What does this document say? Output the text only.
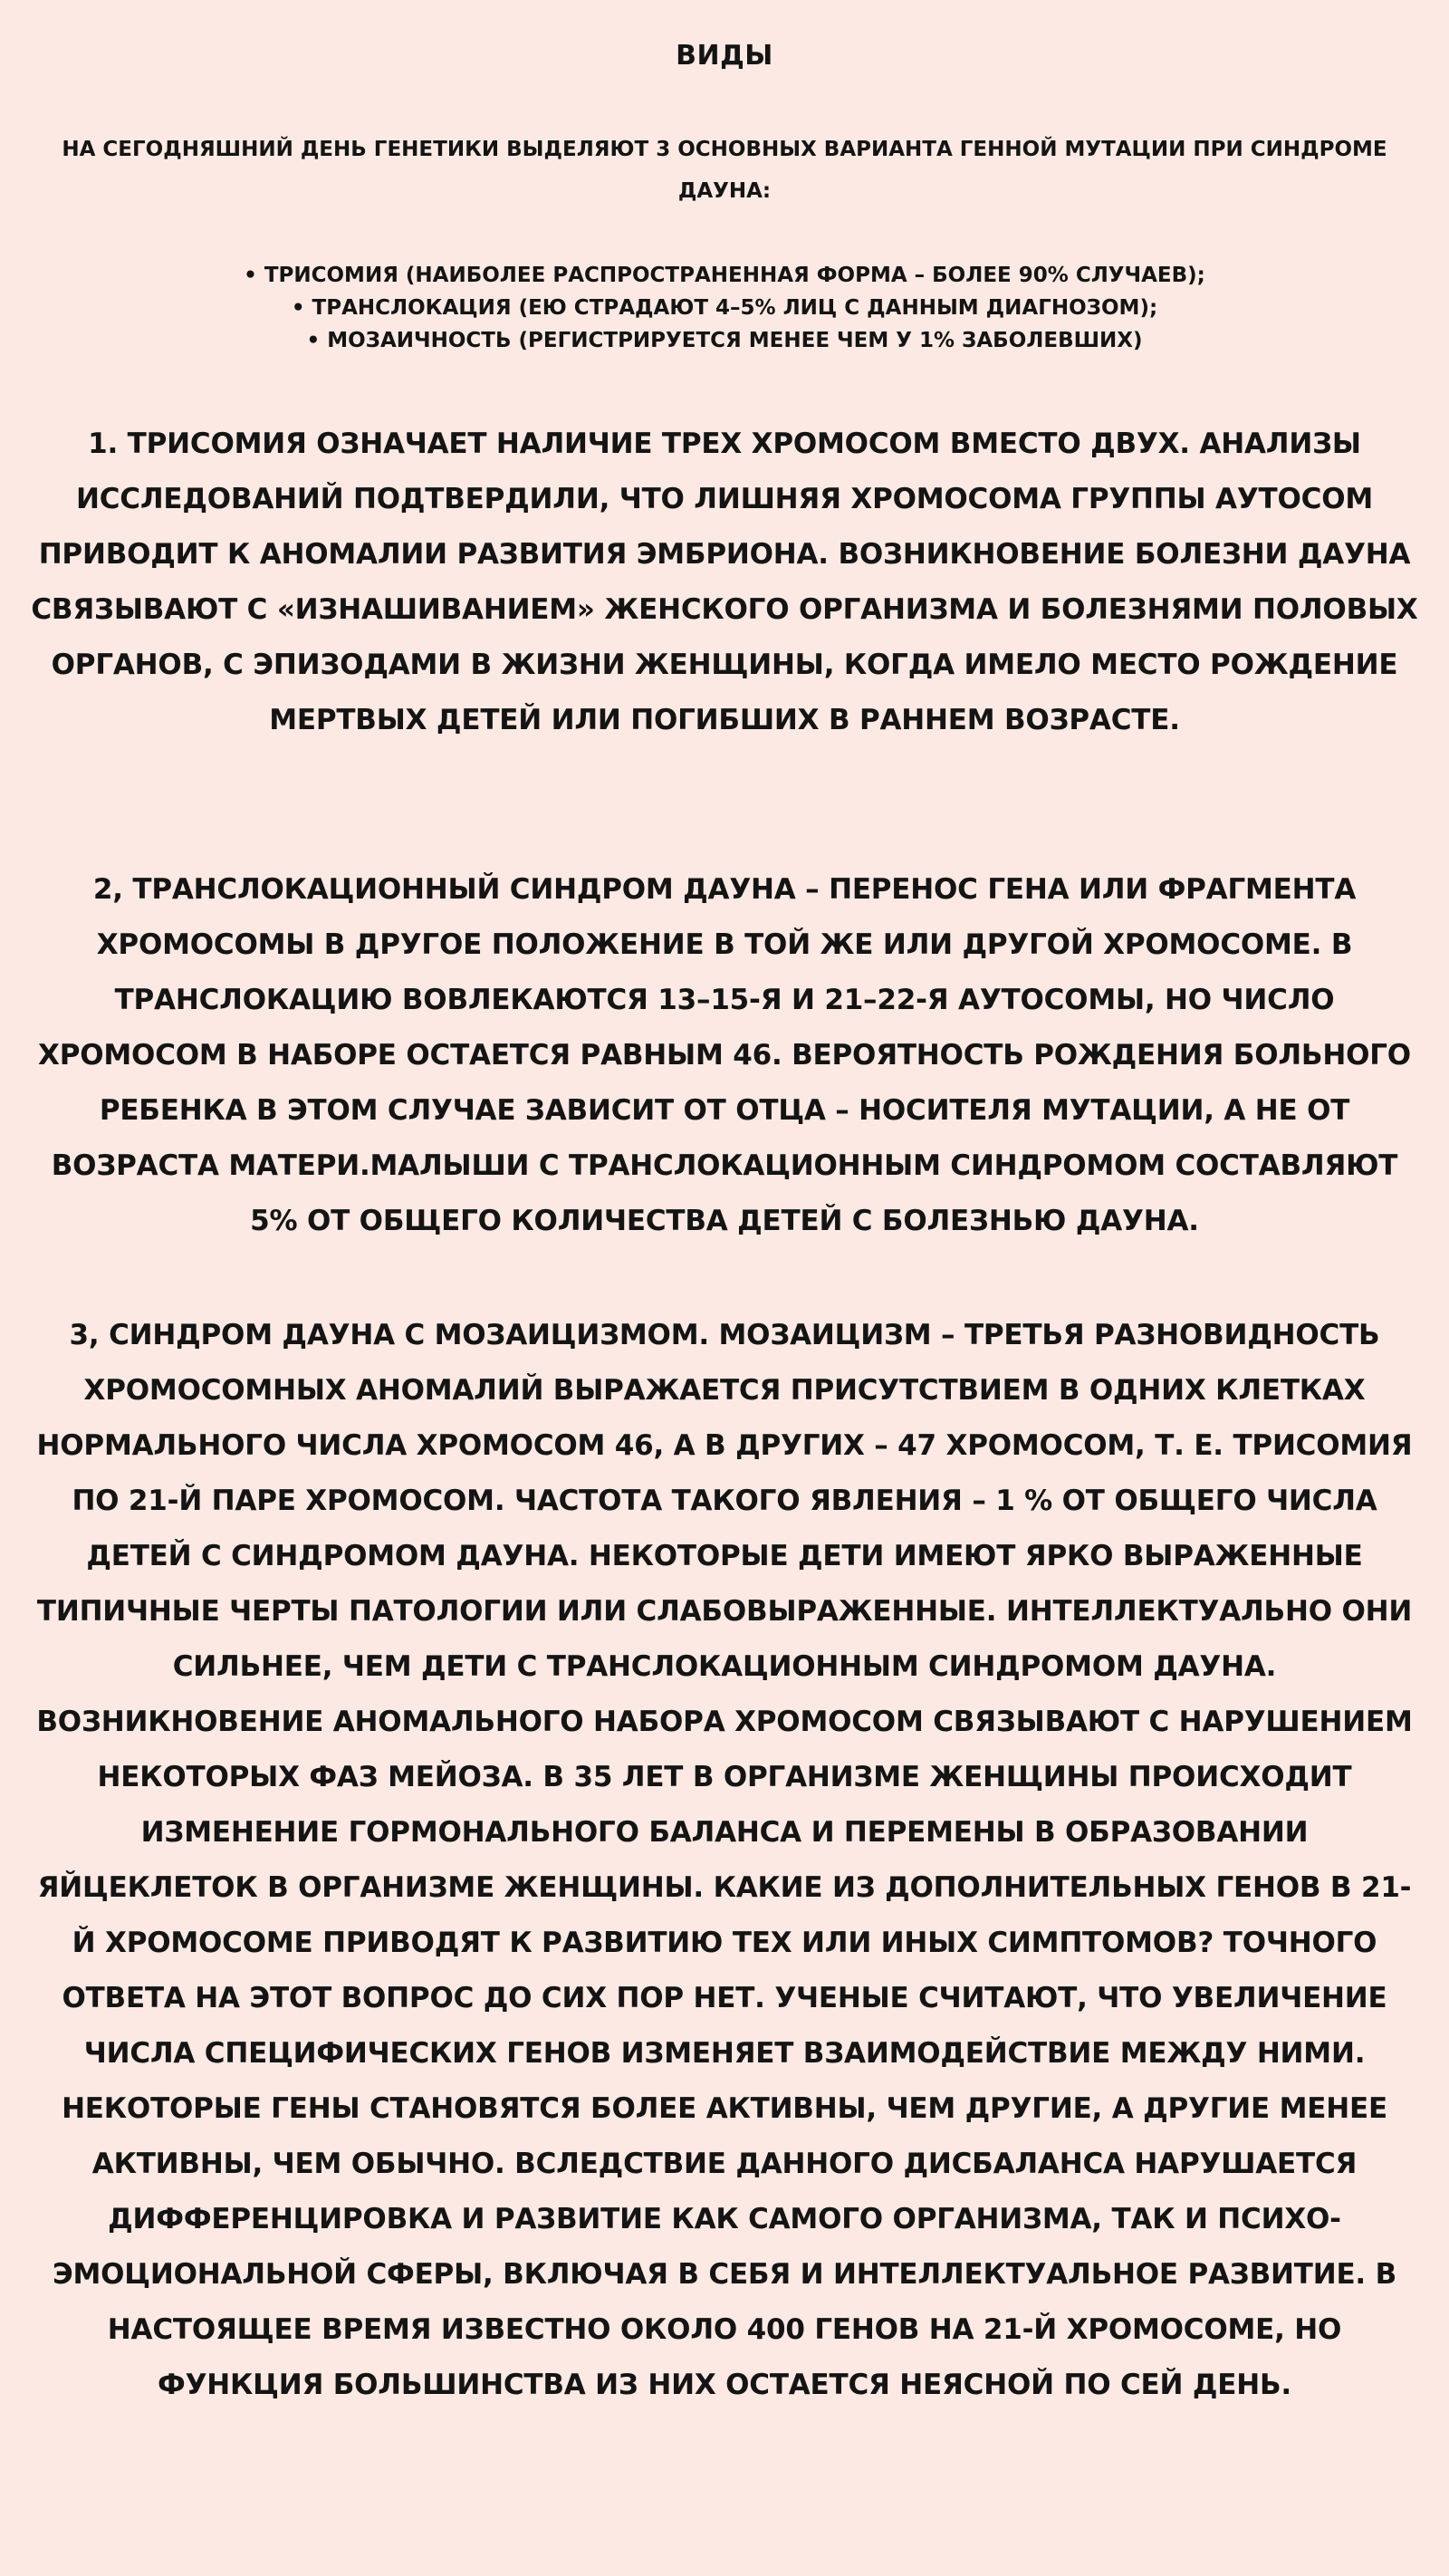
ВИДЫ
НА СЕГОДНЯШНИЙ ДЕНЬ ГЕНЕТИКИ ВЫДЕЛЯЮТ 3 ОСНОВНЫХ ВАРИАНТА ГЕННОЙ МУТАЦИИ ПРИ СИНДРОМЕ ДАУНА:
• ТРИСОМИЯ (НАИБОЛЕЕ РАСПРОСТРАНЕННАЯ ФОРМА – БОЛЕЕ 90% СЛУЧАЕВ);
• ТРАНСЛОКАЦИЯ (ЕЮ СТРАДАЮТ 4–5% ЛИЦ С ДАННЫМ ДИАГНОЗОМ);
• МОЗАИЧНОСТЬ (РЕГИСТРИРУЕТСЯ МЕНЕЕ ЧЕМ У 1% ЗАБОЛЕВШИХ)
1. ТРИСОМИЯ ОЗНАЧАЕТ НАЛИЧИЕ ТРЕХ ХРОМОСОМ ВМЕСТО ДВУХ. АНАЛИЗЫ ИССЛЕДОВАНИЙ ПОДТВЕРДИЛИ, ЧТО ЛИШНЯЯ ХРОМОСОМА ГРУППЫ АУТОСОМ ПРИВОДИТ К АНОМАЛИИ РАЗВИТИЯ ЭМБРИОНА. ВОЗНИКНОВЕНИЕ БОЛЕЗНИ ДАУНА СВЯЗЫВАЮТ С «ИЗНАШИВАНИЕМ» ЖЕНСКОГО ОРГАНИЗМА И БОЛЕЗНЯМИ ПОЛОВЫХ ОРГАНОВ, С ЭПИЗОДАМИ В ЖИЗНИ ЖЕНЩИНЫ, КОГДА ИМЕЛО МЕСТО РОЖДЕНИЕ МЕРТВЫХ ДЕТЕЙ ИЛИ ПОГИБШИХ В РАННЕМ ВОЗРАСТЕ.
2, ТРАНСЛОКАЦИОННЫЙ СИНДРОМ ДАУНА – ПЕРЕНОС ГЕНА ИЛИ ФРАГМЕНТА ХРОМОСОМЫ В ДРУГОЕ ПОЛОЖЕНИЕ В ТОЙ ЖЕ ИЛИ ДРУГОЙ ХРОМОСОМЕ. В ТРАНСЛОКАЦИЮ ВОВЛЕКАЮТСЯ 13–15-Я И 21–22-Я АУТОСОМЫ, НО ЧИСЛО ХРОМОСОМ В НАБОРЕ ОСТАЕТСЯ РАВНЫМ 46. ВЕРОЯТНОСТЬ РОЖДЕНИЯ БОЛЬНОГО РЕБЕНКА В ЭТОМ СЛУЧАЕ ЗАВИСИТ ОТ ОТЦА – НОСИТЕЛЯ МУТАЦИИ, А НЕ ОТ ВОЗРАСТА МАТЕРИ.МАЛЫШИ С ТРАНСЛОКАЦИОННЫМ СИНДРОМОМ СОСТАВЛЯЮТ 5% ОТ ОБЩЕГО КОЛИЧЕСТВА ДЕТЕЙ С БОЛЕЗНЬЮ ДАУНА.
3, СИНДРОМ ДАУНА С МОЗАИЦИЗМОМ. МОЗАИЦИЗМ – ТРЕТЬЯ РАЗНОВИДНОСТЬ ХРОМОСОМНЫХ АНОМАЛИЙ ВЫРАЖАЕТСЯ ПРИСУТСТВИЕМ В ОДНИХ КЛЕТКАХ НОРМАЛЬНОГО ЧИСЛА ХРОМОСОМ 46, А В ДРУГИХ – 47 ХРОМОСОМ, Т. Е. ТРИСОМИЯ ПО 21-Й ПАРЕ ХРОМОСОМ. ЧАСТОТА ТАКОГО ЯВЛЕНИЯ – 1 % ОТ ОБЩЕГО ЧИСЛА ДЕТЕЙ С СИНДРОМОМ ДАУНА. НЕКОТОРЫЕ ДЕТИ ИМЕЮТ ЯРКО ВЫРАЖЕННЫЕ ТИПИЧНЫЕ ЧЕРТЫ ПАТОЛОГИИ ИЛИ СЛАБОВЫРАЖЕННЫЕ. ИНТЕЛЛЕКТУАЛЬНО ОНИ СИЛЬНЕЕ, ЧЕМ ДЕТИ С ТРАНСЛОКАЦИОННЫМ СИНДРОМОМ ДАУНА. ВОЗНИКНОВЕНИЕ АНОМАЛЬНОГО НАБОРА ХРОМОСОМ СВЯЗЫВАЮТ С НАРУШЕНИЕМ НЕКОТОРЫХ ФАЗ МЕЙОЗА. В 35 ЛЕТ В ОРГАНИЗМЕ ЖЕНЩИНЫ ПРОИСХОДИТ ИЗМЕНЕНИЕ ГОРМОНАЛЬНОГО БАЛАНСА И ПЕРЕМЕНЫ В ОБРАЗОВАНИИ ЯЙЦЕКЛЕТОК В ОРГАНИЗМЕ ЖЕНЩИНЫ. КАКИЕ ИЗ ДОПОЛНИТЕЛЬНЫХ ГЕНОВ В 21-Й ХРОМОСОМЕ ПРИВОДЯТ К РАЗВИТИЮ ТЕХ ИЛИ ИНЫХ СИМПТОМОВ? ТОЧНОГО ОТВЕТА НА ЭТОТ ВОПРОС ДО СИХ ПОР НЕТ. УЧЕНЫЕ СЧИТАЮТ, ЧТО УВЕЛИЧЕНИЕ ЧИСЛА СПЕЦИФИЧЕСКИХ ГЕНОВ ИЗМЕНЯЕТ ВЗАИМОДЕЙСТВИЕ МЕЖДУ НИМИ. НЕКОТОРЫЕ ГЕНЫ СТАНОВЯТСЯ БОЛЕЕ АКТИВНЫ, ЧЕМ ДРУГИЕ, А ДРУГИЕ МЕНЕЕ АКТИВНЫ, ЧЕМ ОБЫЧНО. ВСЛЕДСТВИЕ ДАННОГО ДИСБАЛАНСА НАРУШАЕТСЯ ДИФФЕРЕНЦИРОВКА И РАЗВИТИЕ КАК САМОГО ОРГАНИЗМА, ТАК И ПСИХО-ЭМОЦИОНАЛЬНОЙ СФЕРЫ, ВКЛЮЧАЯ В СЕБЯ И ИНТЕЛЛЕКТУАЛЬНОЕ РАЗВИТИЕ. В НАСТОЯЩЕЕ ВРЕМЯ ИЗВЕСТНО ОКОЛО 400 ГЕНОВ НА 21-Й ХРОМОСОМЕ, НО ФУНКЦИЯ БОЛЬШИНСТВА ИЗ НИХ ОСТАЕТСЯ НЕЯСНОЙ ПО СЕЙ ДЕНЬ.
